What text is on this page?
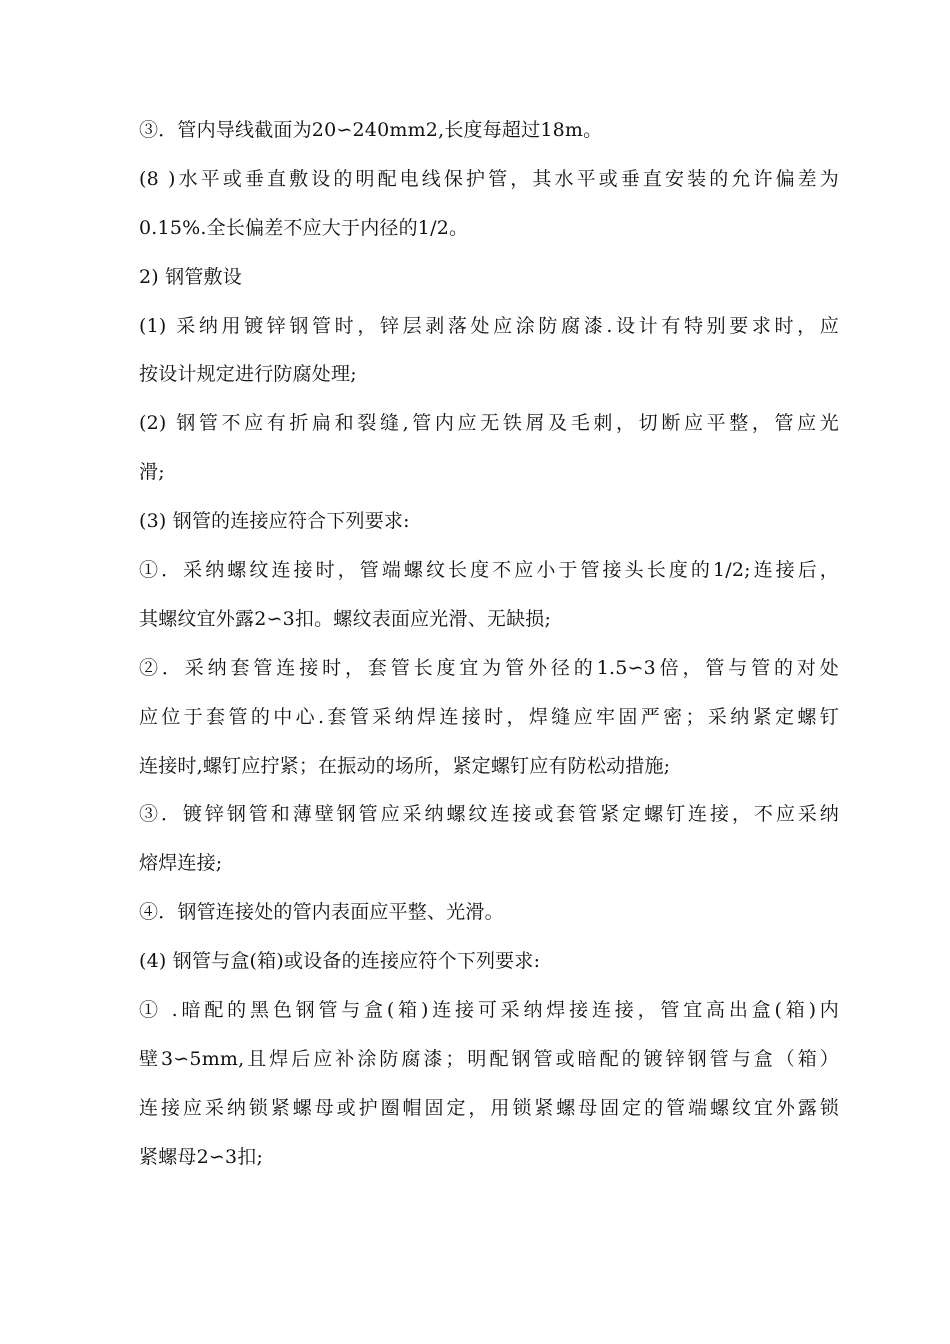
③．管内导线截面为20∽240mm2,长度每超过18m。
(8 )水平或垂直敷设的明配电线保护管，其水平或垂直安装的允许偏差为
0.15%.全长偏差不应大于内径的1/2。
2) 钢管敷设
(1) 采纳用镀锌钢管时，锌层剥落处应涂防腐漆.设计有特别要求时，应
按设计规定进行防腐处理;
(2) 钢管不应有折扁和裂缝,管内应无铁屑及毛刺，切断应平整，管应光
滑;
(3) 钢管的连接应符合下列要求:
①．采纳螺纹连接时，管端螺纹长度不应小于管接头长度的1/2;连接后，
其螺纹宜外露2∽3扣。螺纹表面应光滑、无缺损;
②．采纳套管连接时，套管长度宜为管外径的1.5∽3倍，管与管的对处
应位于套管的中心.套管采纳焊连接时，焊缝应牢固严密；采纳紧定螺钉
连接时,螺钉应拧紧；在振动的场所，紧定螺钉应有防松动措施;
③．镀锌钢管和薄壁钢管应采纳螺纹连接或套管紧定螺钉连接，不应采纳
熔焊连接;
④．钢管连接处的管内表面应平整、光滑。
(4) 钢管与盒(箱)或设备的连接应符个下列要求:
① .暗配的黑色钢管与盒(箱)连接可采纳焊接连接，管宜高出盒(箱)内
壁3∽5mm,且焊后应补涂防腐漆；明配钢管或暗配的镀锌钢管与盒（箱）
连接应采纳锁紧螺母或护圈帽固定，用锁紧螺母固定的管端螺纹宜外露锁
紧螺母2∽3扣;
